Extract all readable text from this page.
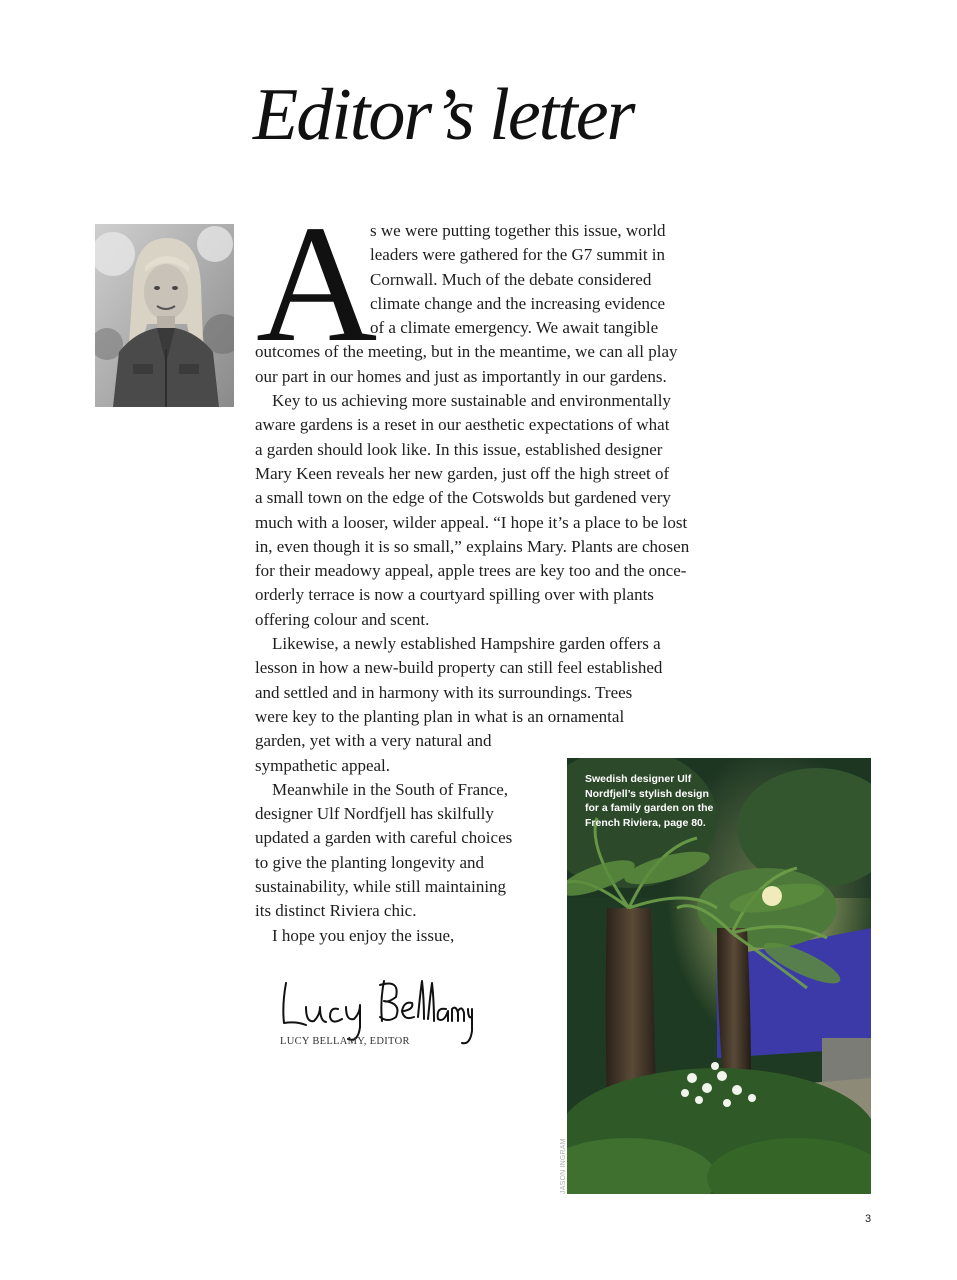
Editor’s letter
A

s we were putting together this issue, world
leaders were gathered for the G7 summit in
Cornwall. Much of the debate considered
climate change and the increasing evidence
of a climate emergency. We await tangible
outcomes of the meeting, but in the meantime, we can all play
our part in our homes and just as importantly in our gardens.

Key to us achieving more sustainable and environmentally
aware gardens is a reset in our aesthetic expectations of what
a garden should look like. In this issue, established designer
Mary Keen reveals her new garden, just off the high street of
a small town on the edge of the Cotswolds but gardened very
much with a looser, wilder appeal. “I hope it’s a place to be lost
in, even though it is so small,” explains Mary. Plants are chosen
for their meadowy appeal, apple trees are key too and the once-
orderly terrace is now a courtyard spilling over with plants
offering colour and scent.

Likewise, a newly established Hampshire garden offers a
lesson in how a new-build property can still feel established
and settled and in harmony with its surroundings. Trees
were key to the planting plan in what is an ornamental
garden, yet with a very natural and
sympathetic appeal.

Meanwhile in the South of France,
designer Ulf Nordfjell has skilfully
updated a garden with careful choices
to give the planting longevity and
sustainability, while still maintaining
its distinct Riviera chic.

I hope you enjoy the issue,

LUCY BELLAMY, EDITOR
Swedish designer Ulf Nordfjell’s stylish design for a family garden on the French Riviera, page 80.
JASON INGRAM
3
